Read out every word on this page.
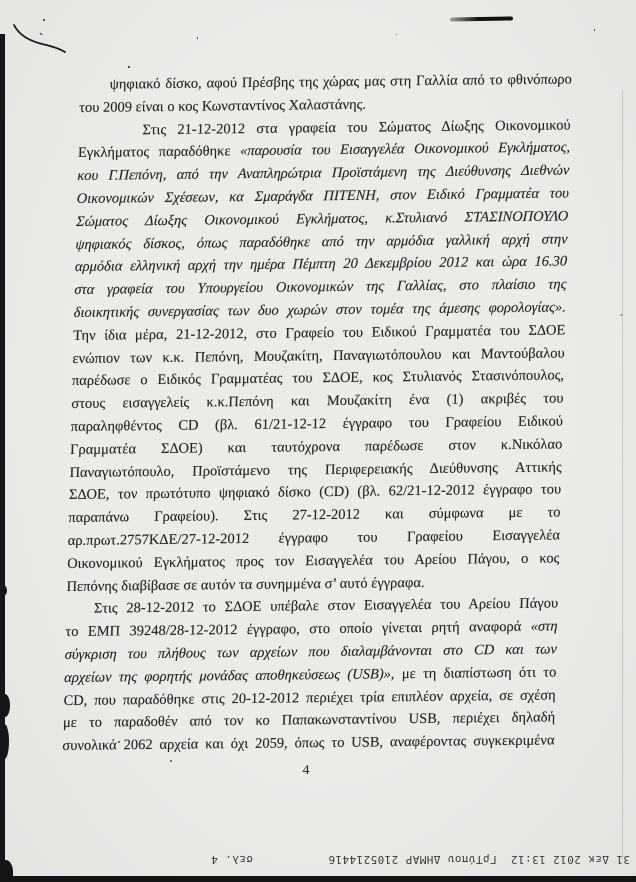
ψηφιακό δίσκο, αφού Πρέσβης της χώρας μας στη Γαλλία από το φθινόπωρο
του 2009 είναι ο κος Κωνσταντίνος Χαλαστάνης.
Στις 21-12-2012 στα γραφεία του Σώματος Δίωξης Οικονομικού
Εγκλήματος παραδόθηκε «παρουσία του Εισαγγελέα Οικονομικού Εγκλήματος,
κου Γ.Πεπόνη, από την Αναπληρώτρια Προϊστάμενη της Διεύθυνσης Διεθνών
Οικονομικών Σχέσεων, κα Σμαράγδα ΠΙΤΕΝΗ, στον Ειδικό Γραμματέα του
Σώματος Δίωξης Οικονομικού Εγκλήματος, κ.Στυλιανό ΣΤΑΣΙΝΟΠΟΥΛΟ
ψηφιακός δίσκος, όπως παραδόθηκε από την αρμόδια γαλλική αρχή στην
αρμόδια ελληνική αρχή την ημέρα Πέμπτη 20 Δεκεμβρίου 2012 και ώρα 16.30
στα γραφεία του Υπουργείου Οικονομικών της Γαλλίας, στο πλαίσιο της
διοικητικής συνεργασίας των δυο χωρών στον τομέα της άμεσης φορολογίας».
Την ίδια μέρα, 21-12-2012, στο Γραφείο του Ειδικού Γραμματέα του ΣΔΟΕ
ενώπιον των κ.κ. Πεπόνη, Μουζακίτη, Παναγιωτόπουλου και Μαντούβαλου
παρέδωσε ο Ειδικός Γραμματέας του ΣΔΟΕ, κος Στυλιανός Στασινόπουλος,
στους εισαγγελείς κ.κ.Πεπόνη και Μουζακίτη ένα (1) ακριβές του
παραληφθέντος CD (βλ. 61/21-12-12 έγγραφο του Γραφείου Ειδικού
Γραμματέα ΣΔΟΕ) και ταυτόχρονα παρέδωσε στον κ.Νικόλαο
Παναγιωτόπουλο, Προϊστάμενο της Περιφερειακής Διεύθυνσης Αττικής
ΣΔΟΕ, τον πρωτότυπο ψηφιακό δίσκο (CD) (βλ. 62/21-12-2012 έγγραφο του
παραπάνω Γραφείου). Στις 27-12-2012 και σύμφωνα με το
αρ.πρωτ.2757ΚΔΕ/27-12-2012 έγγραφο του Γραφείου Εισαγγελέα
Οικονομικού Εγκλήματος προς τον Εισαγγελέα του Αρείου Πάγου, ο κος
Πεπόνης διαβίβασε σε αυτόν τα συνημμένα σ’ αυτό έγγραφα.
Στις 28-12-2012 το ΣΔΟΕ υπέβαλε στον Εισαγγελέα του Αρείου Πάγου
το ΕΜΠ 39248/28-12-2012 έγγραφο, στο οποίο γίνεται ρητή αναφορά «στη
σύγκριση του πλήθους των αρχείων που διαλαμβάνονται στο CD και των
αρχείων της φορητής μονάδας αποθηκεύσεως (USB)», με τη διαπίστωση ότι το
CD, που παραδόθηκε στις 20-12-2012 περιέχει τρία επιπλέον αρχεία, σε σχέση
με το παραδοθέν από τον κο Παπακωνσταντίνου USB, περιέχει δηλαδή
συνολικά 2062 αρχεία και όχι 2059, όπως το USB, αναφέροντας συγκεκριμένα
4
31 Δεκ 2012 13:12ΓρΤύπου ΔΗΜΑΡ 2105214416
σελ. 4
